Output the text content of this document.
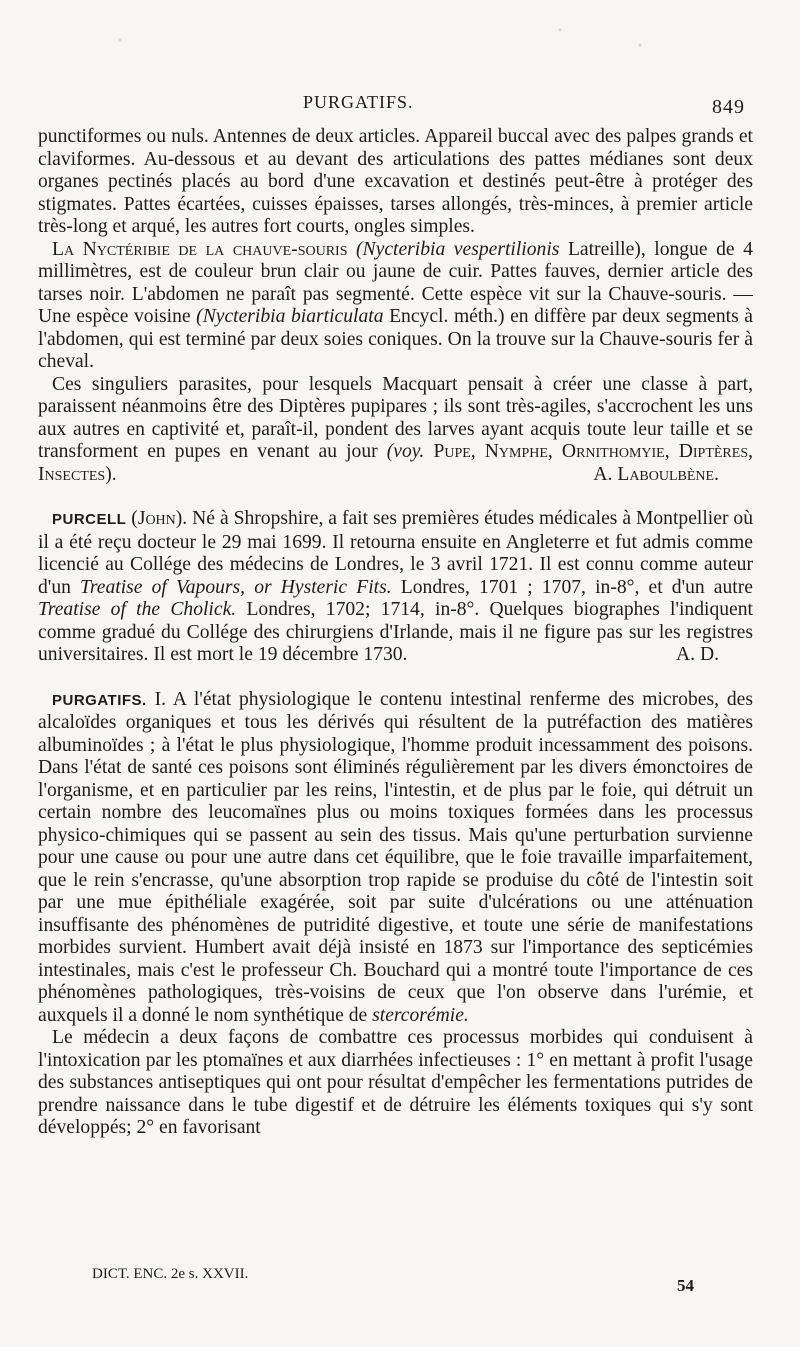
PURGATIFS.	849

punctiformes ou nuls. Antennes de deux articles. Appareil buccal avec des palpes grands et claviformes. Au-dessous et au devant des articulations des pattes médianes sont deux organes pectinés placés au bord d'une excavation et destinés peut-être à protéger des stigmates. Pattes écartées, cuisses épaisses, tarses allongés, très-minces, à premier article très-long et arqué, les autres fort courts, ongles simples.

La Nyctéribie de la chauve-souris (Nycteribia vespertilionis Latreille), longue de 4 millimètres, est de couleur brun clair ou jaune de cuir. Pattes fauves, dernier article des tarses noir. L'abdomen ne paraît pas segmenté. Cette espèce vit sur la Chauve-souris. — Une espèce voisine (Nycteribia biarticulata Encycl. méth.) en diffère par deux segments à l'abdomen, qui est terminé par deux soies coniques. On la trouve sur la Chauve-souris fer à cheval.

Ces singuliers parasites, pour lesquels Macquart pensait à créer une classe à part, paraissent néanmoins être des Diptères pupipares ; ils sont très-agiles, s'accrochent les uns aux autres en captivité et, paraît-il, pondent des larves ayant acquis toute leur taille et se transforment en pupes en venant au jour (voy. Pupe, Nymphe, Ornithomyie, Diptères, Insectes).	A. Laboulbène.

PURCELL (John). Né à Shropshire, a fait ses premières études médicales à Montpellier où il a été reçu docteur le 29 mai 1699. Il retourna ensuite en Angleterre et fut admis comme licencié au Collége des médecins de Londres, le 3 avril 1721. Il est connu comme auteur d'un Treatise of Vapours, or Hysteric Fits. Londres, 1701 ; 1707, in-8°, et d'un autre Treatise of the Cholick. Londres, 1702; 1714, in-8°. Quelques biographes l'indiquent comme gradué du Collége des chirurgiens d'Irlande, mais il ne figure pas sur les registres universitaires. Il est mort le 19 décembre 1730.	A. D.

PURGATIFS. I. A l'état physiologique le contenu intestinal renferme des microbes, des alcaloïdes organiques et tous les dérivés qui résultent de la putréfaction des matières albuminoïdes ; à l'état le plus physiologique, l'homme produit incessamment des poisons. Dans l'état de santé ces poisons sont éliminés régulièrement par les divers émonctoires de l'organisme, et en particulier par les reins, l'intestin, et de plus par le foie, qui détruit un certain nombre des leucomaïnes plus ou moins toxiques formées dans les processus physico-chimiques qui se passent au sein des tissus. Mais qu'une perturbation survienne pour une cause ou pour une autre dans cet équilibre, que le foie travaille imparfaitement, que le rein s'encrasse, qu'une absorption trop rapide se produise du côté de l'intestin soit par une mue épithéliale exagérée, soit par suite d'ulcérations ou une atténuation insuffisante des phénomènes de putridité digestive, et toute une série de manifestations morbides survient. Humbert avait déjà insisté en 1873 sur l'importance des septicémies intestinales, mais c'est le professeur Ch. Bouchard qui a montré toute l'importance de ces phénomènes pathologiques, très-voisins de ceux que l'on observe dans l'urémie, et auxquels il a donné le nom synthétique de stercorémie.

Le médecin a deux façons de combattre ces processus morbides qui conduisent à l'intoxication par les ptomaïnes et aux diarrhées infectieuses : 1° en mettant à profit l'usage des substances antiseptiques qui ont pour résultat d'empêcher les fermentations putrides de prendre naissance dans le tube digestif et de détruire les éléments toxiques qui s'y sont développés; 2° en favorisant

DICT. ENC. 2e s. XXVII.
54
